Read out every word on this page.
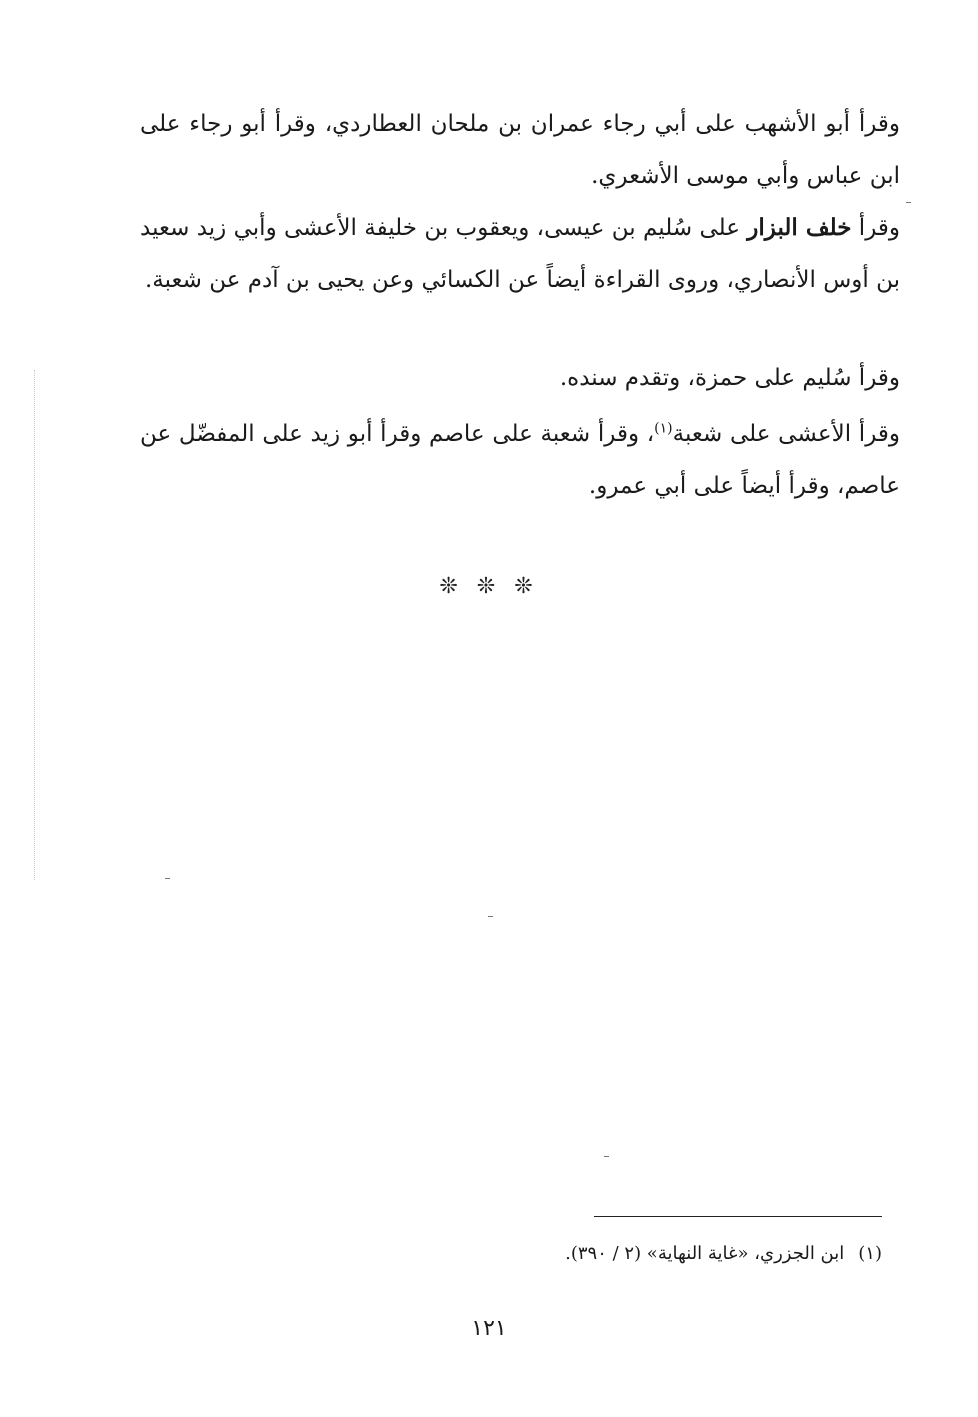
وقرأ أبو الأشهب على أبي رجاء عمران بن ملحان العطاردي، وقرأ أبو رجاء على ابن عباس وأبي موسى الأشعري.

وقرأ خلف البزار على سُليم بن عيسى، ويعقوب بن خليفة الأعشى وأبي زيد سعيد بن أوس الأنصاري، وروى القراءة أيضاً عن الكسائي وعن يحيى بن آدم عن شعبة.

وقرأ سُليم على حمزة، وتقدم سنده.

وقرأ الأعشى على شعبة$^{(١)}$، وقرأ شعبة على عاصم وقرأ أبو زيد على المفضّل عن عاصم، وقرأ أيضاً على أبي عمرو.

❊ ❊ ❊

(١)ابن الجزري، «غاية النهاية» (٢ / ٣٩٠).

١٢١
